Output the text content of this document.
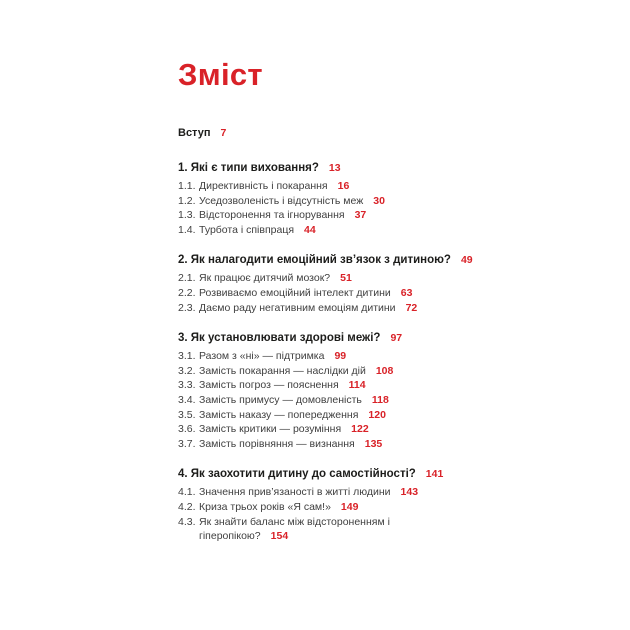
Зміст
Вступ 7
1. Які є типи виховання? 13
1.1. Директивність і покарання 16
1.2. Уседозволеність і відсутність меж 30
1.3. Відсторонення та ігнорування 37
1.4. Турбота і співпраця 44
2. Як налагодити емоційний зв’язок з дитиною? 49
2.1. Як працює дитячий мозок? 51
2.2. Розвиваємо емоційний інтелект дитини 63
2.3. Даємо раду негативним емоціям дитини 72
3. Як установлювати здорові межі? 97
3.1. Разом з «ні» — підтримка 99
3.2. Замість покарання — наслідки дій 108
3.3. Замість погроз — пояснення 114
3.4. Замість примусу — домовленість 118
3.5. Замість наказу — попередження 120
3.6. Замість критики — розуміння 122
3.7. Замість порівняння — визнання 135
4. Як заохотити дитину до самостійності? 141
4.1. Значення прив’язаності в житті людини 143
4.2. Криза трьох років «Я сам!» 149
4.3. Як знайти баланс між відстороненням і гіперопікою? 154
